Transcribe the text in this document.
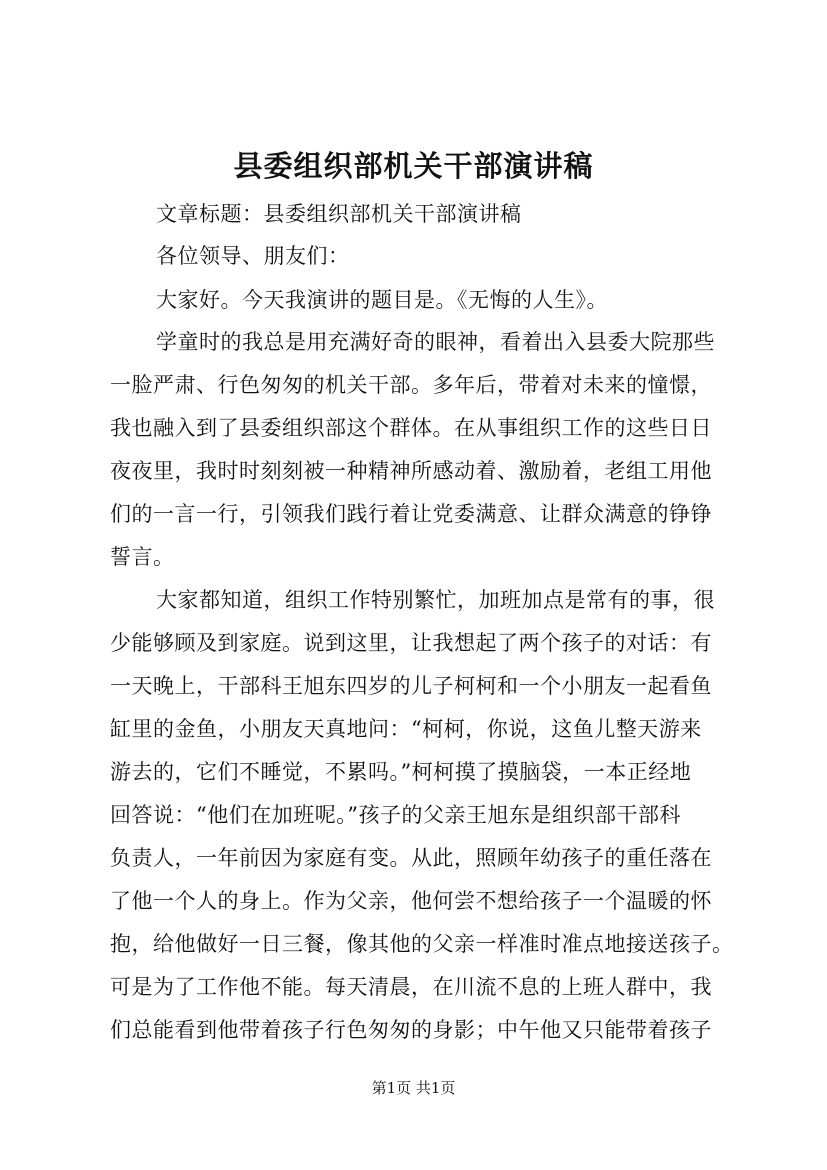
县委组织部机关干部演讲稿
文章标题：县委组织部机关干部演讲稿
各位领导、朋友们：
大家好。今天我演讲的题目是。《无悔的人生》。
学童时的我总是用充满好奇的眼神，看着出入县委大院那些
一脸严肃、行色匆匆的机关干部。多年后，带着对未来的憧憬，
我也融入到了县委组织部这个群体。在从事组织工作的这些日日
夜夜里，我时时刻刻被一种精神所感动着、激励着，老组工用他
们的一言一行，引领我们践行着让党委满意、让群众满意的铮铮
誓言。
大家都知道，组织工作特别繁忙，加班加点是常有的事，很
少能够顾及到家庭。说到这里，让我想起了两个孩子的对话：有
一天晚上，干部科王旭东四岁的儿子柯柯和一个小朋友一起看鱼
缸里的金鱼，小朋友天真地问：“柯柯，你说，这鱼儿整天游来
游去的，它们不睡觉，不累吗。”柯柯摸了摸脑袋，一本正经地
回答说：“他们在加班呢。”孩子的父亲王旭东是组织部干部科
负责人，一年前因为家庭有变。从此，照顾年幼孩子的重任落在
了他一个人的身上。作为父亲，他何尝不想给孩子一个温暖的怀
抱，给他做好一日三餐，像其他的父亲一样准时准点地接送孩子。
可是为了工作他不能。每天清晨，在川流不息的上班人群中，我
们总能看到他带着孩子行色匆匆的身影；中午他又只能带着孩子
第1页 共1页
